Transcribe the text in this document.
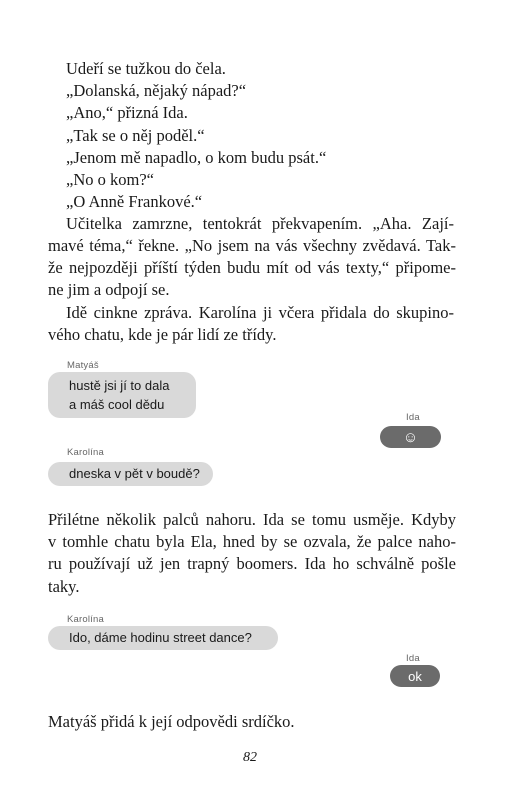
Udeří se tužkou do čela.
„Dolanská, nějaký nápad?“
„Ano,“ přizná Ida.
„Tak se o něj poděl.“
„Jenom mě napadlo, o kom budu psát.“
„No o kom?“
„O Anně Frankové.“
Učitelka zamrzne, tentokrát překvapením. „Aha. Zají-
mavé téma,“ řekne. „No jsem na vás všechny zvědavá. Tak-
že nejpozději příští týden budu mít od vás texty,“ připome-
ne jim a odpojí se.
Idě cinkne zpráva. Karolína ji včera přidala do skupino-
vého chatu, kde je pár lidí ze třídy.
Matyáš
hustě jsi jí to dala
a máš cool dědu
Ida
☺
Karolína
dneska v pět v boudě?
Přilétne několik palců nahoru. Ida se tomu usměje. Kdyby
v tomhle chatu byla Ela, hned by se ozvala, že palce naho-
ru používají už jen trapný boomers. Ida ho schválně pošle
taky.
Karolína
Ido, dáme hodinu street dance?
Ida
ok
Matyáš přidá k její odpovědi srdíčko.
82
